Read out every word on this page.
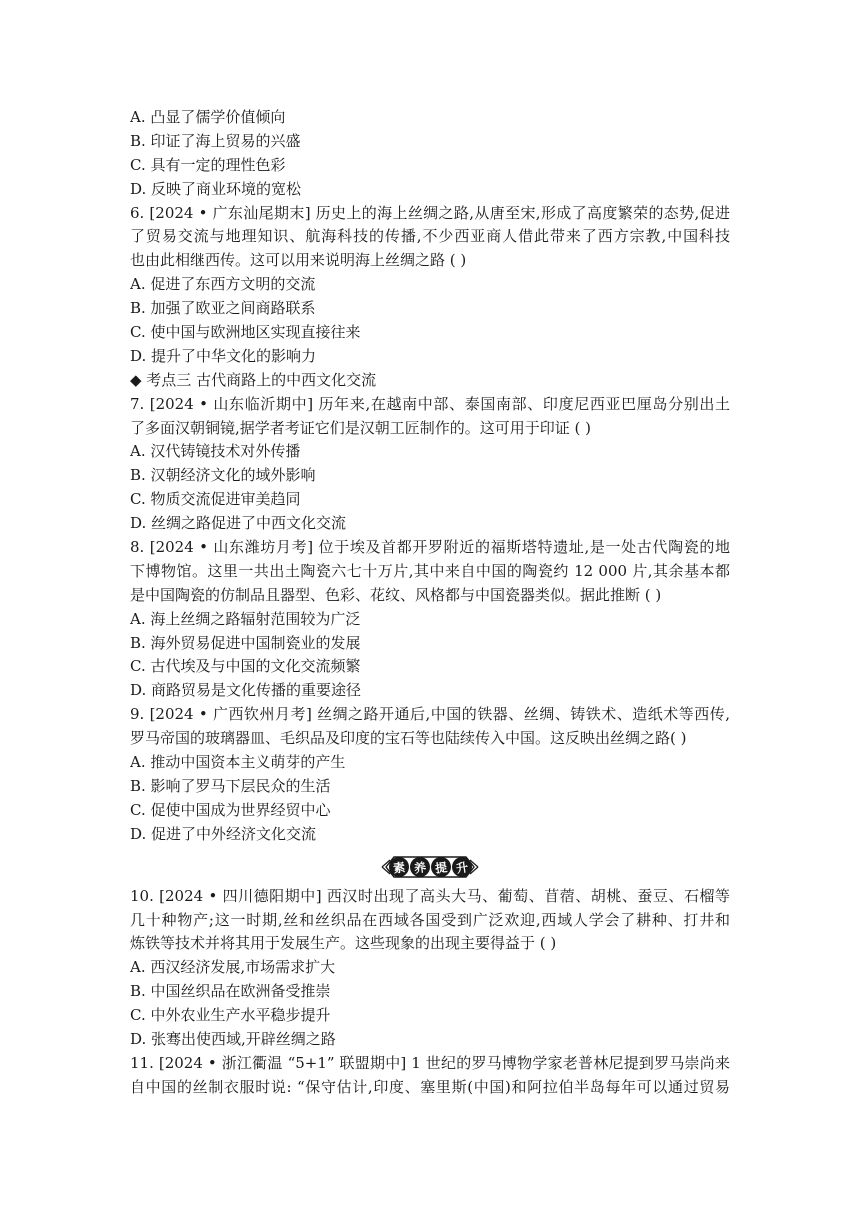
A. 凸显了儒学价值倾向
B. 印证了海上贸易的兴盛
C. 具有一定的理性色彩
D. 反映了商业环境的宽松
6. [2024 • 广东汕尾期末] 历史上的海上丝绸之路,从唐至宋,形成了高度繁荣的态势,促进
了贸易交流与地理知识、航海科技的传播,不少西亚商人借此带来了西方宗教,中国科技
也由此相继西传。这可以用来说明海上丝绸之路 ( )
A. 促进了东西方文明的交流
B. 加强了欧亚之间商路联系
C. 使中国与欧洲地区实现直接往来
D. 提升了中华文化的影响力
◆ 考点三 古代商路上的中西文化交流
7. [2024 • 山东临沂期中] 历年来,在越南中部、泰国南部、印度尼西亚巴厘岛分别出土
了多面汉朝铜镜,据学者考证它们是汉朝工匠制作的。这可用于印证 ( )
A. 汉代铸镜技术对外传播
B. 汉朝经济文化的域外影响
C. 物质交流促进审美趋同
D. 丝绸之路促进了中西文化交流
8. [2024 • 山东潍坊月考] 位于埃及首都开罗附近的福斯塔特遗址,是一处古代陶瓷的地
下博物馆。这里一共出土陶瓷六七十万片,其中来自中国的陶瓷约 12 000 片,其余基本都
是中国陶瓷的仿制品且器型、色彩、花纹、风格都与中国瓷器类似。据此推断 ( )
A. 海上丝绸之路辐射范围较为广泛
B. 海外贸易促进中国制瓷业的发展
C. 古代埃及与中国的文化交流频繁
D. 商路贸易是文化传播的重要途径
9. [2024 • 广西钦州月考] 丝绸之路开通后,中国的铁器、丝绸、铸铁术、造纸术等西传,
罗马帝国的玻璃器皿、毛织品及印度的宝石等也陆续传入中国。这反映出丝绸之路( )
A. 推动中国资本主义萌芽的产生
B. 影响了罗马下层民众的生活
C. 促使中国成为世界经贸中心
D. 促进了中外经济文化交流
素 养 提 升
10. [2024 • 四川德阳期中] 西汉时出现了高头大马、葡萄、苜蓿、胡桃、蚕豆、石榴等
几十种物产;这一时期,丝和丝织品在西域各国受到广泛欢迎,西域人学会了耕种、打井和
炼铁等技术并将其用于发展生产。这些现象的出现主要得益于 ( )
A. 西汉经济发展,市场需求扩大
B. 中国丝织品在欧洲备受推崇
C. 中外农业生产水平稳步提升
D. 张骞出使西域,开辟丝绸之路
11. [2024 • 浙江衢温 “5+1” 联盟期中] 1 世纪的罗马博物学家老普林尼提到罗马崇尚来
自中国的丝制衣服时说: “保守估计,印度、塞里斯(中国)和阿拉伯半岛每年可以通过贸易
